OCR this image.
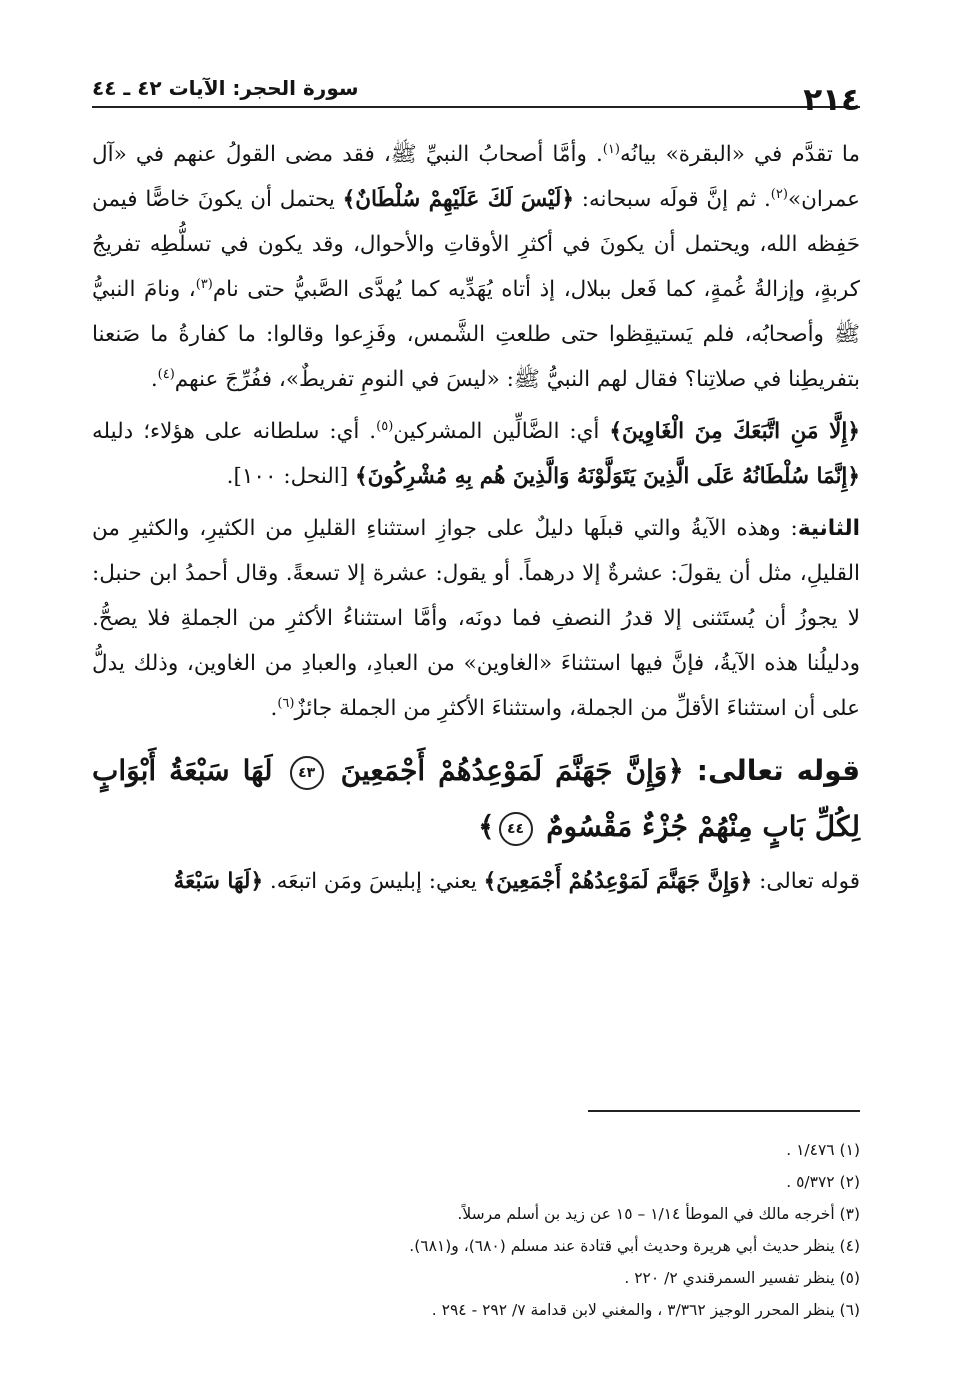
٢١٤
سورة الحجر: الآيات ٤٢ ـ ٤٤

ما تقدَّم في «البقرة» بيانُه$^{(١)}$. وأمَّا أصحابُ النبيِّ ﷺ، فقد مضى القولُ عنهم في «آل عمران»$^{(٢)}$. ثم إنَّ قولَه سبحانه: ﴿لَيْسَ لَكَ عَلَيْهِمْ سُلْطَانٌ﴾ يحتمل أن يكونَ خاصًّا فيمن حَفِظه الله، ويحتمل أن يكونَ في أكثرِ الأوقاتِ والأحوال، وقد يكون في تسلُّطِه تفريجُ كربةٍ، وإزالةُ غُمةٍ، كما فَعل ببلال، إذ أتاه يُهَدِّيه كما يُهدَّى الصَّبيُّ حتى نام$^{(٣)}$، ونامَ النبيُّ ﷺ وأصحابُه، فلم يَستيقِظوا حتى طلعتِ الشَّمس، وفَزِعوا وقالوا: ما كفارةُ ما صَنعنا بتفريطِنا في صلاتِنا؟ فقال لهم النبيُّ ﷺ: «ليسَ في النومِ تفريطٌ»، ففُرِّجَ عنهم$^{(٤)}$.

﴿إِلَّا مَنِ اتَّبَعَكَ مِنَ الْغَاوِينَ﴾ أي: الضَّالِّين المشركين$^{(٥)}$. أي: سلطانه على هؤلاء؛ دليله ﴿إِنَّمَا سُلْطَانُهُ عَلَى الَّذِينَ يَتَوَلَّوْنَهُ وَالَّذِينَ هُم بِهِ مُشْرِكُونَ﴾ [النحل: ١٠٠].

الثانية: وهذه الآيةُ والتي قبلَها دليلٌ على جوازِ استثناءِ القليلِ من الكثيرِ، والكثيرِ من القليلِ، مثل أن يقولَ: عشرةٌ إلا درهماً. أو يقول: عشرة إلا تسعةً. وقال أحمدُ ابن حنبل: لا يجوزُ أن يُستَثنى إلا قدرُ النصفِ فما دونَه، وأمَّا استثناءُ الأكثرِ من الجملةِ فلا يصحُّ. ودليلُنا هذه الآيةُ، فإنَّ فيها استثناءَ «الغاوين» من العبادِ، والعبادِ من الغاوين، وذلك يدلُّ على أن استثناءَ الأقلِّ من الجملة، واستثناءَ الأكثرِ من الجملة جائزٌ$^{(٦)}$.

قوله تعالى: ﴿وَإِنَّ جَهَنَّمَ لَمَوْعِدُهُمْ أَجْمَعِينَ ٤٣ لَهَا سَبْعَةُ أَبْوَابٍ لِكُلِّ بَابٍ مِنْهُمْ جُزْءٌ مَقْسُومٌ ٤٤﴾

قوله تعالى: ﴿وَإِنَّ جَهَنَّمَ لَمَوْعِدُهُمْ أَجْمَعِينَ﴾ يعني: إبليسَ ومَن اتبعَه. ﴿لَهَا سَبْعَةُ

(١) ١/٤٧٦ .
(٢) ٥/٣٧٢ .
(٣) أخرجه مالك في الموطأ ١/١٤ – ١٥ عن زيد بن أسلم مرسلاً.
(٤) ينظر حديث أبي هريرة وحديث أبي قتادة عند مسلم (٦٨٠)، و(٦٨١).
(٥) ينظر تفسير السمرقندي ٢/ ٢٢٠ .
(٦) ينظر المحرر الوجيز ٣/٣٦٢ ، والمغني لابن قدامة ٧/ ٢٩٢ - ٢٩٤ .
